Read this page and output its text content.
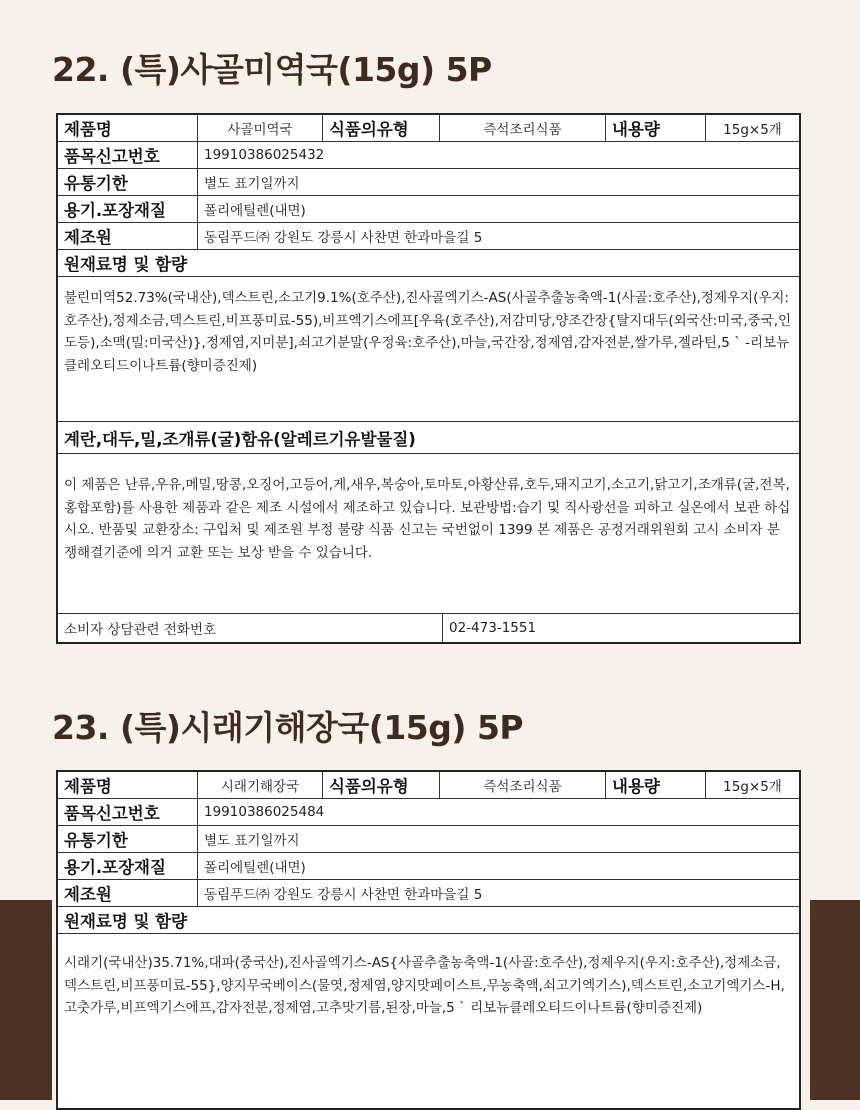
22. (특)사골미역국(15g) 5P
제품명	사골미역국	식품의유형	즉석조리식품	내용량	15g×5개
품목신고번호	19910386025432
유통기한	별도 표기일까지
용기.포장재질	폴리에틸렌(내면)
제조원	동림푸드㈜ 강원도 강릉시 사찬면 한과마을길 5
원재료명 및 함량
불린미역52.73%(국내산),덱스트린,소고기9.1%(호주산),진사골엑기스-AS(사골추출농축액-1(사골:호주산),정제우지(우지:호주산),정제소금,덱스트린,비프풍미료-55),비프엑기스에프[우육(호주산),저감미당,양조간장{탈지대두(외국산:미국,중국,인도등),소맥(밀:미국산)},정제염,지미분],쇠고기분말(우정육:호주산),마늘,국간장,정제염,감자전분,쌀가루,젤라틴,5 ` -리보뉴클레오티드이나트륨(향미증진제)
계란,대두,밀,조개류(굴)함유(알레르기유발물질)
이 제품은 난류,우유,메밀,땅콩,오징어,고등어,게,새우,복숭아,토마토,아황산류,호두,돼지고기,소고기,닭고기,조개류(굴,전복,홍합포함)를 사용한 제품과 같은 제조 시설에서 제조하고 있습니다. 보관방법:습기 및 직사광선을 피하고 실온에서 보관 하십시오. 반품및 교환장소: 구입처 및 제조원 부정 불량 식품 신고는 국번없이 1399 본 제품은 공정거래위원회 고시 소비자 분쟁해결기준에 의거 교환 또는 보상 받을 수 있습니다.
소비자 상담관련 전화번호	02-473-1551
23. (특)시래기해장국(15g) 5P
제품명	시래기해장국	식품의유형	즉석조리식품	내용량	15g×5개
품목신고번호	19910386025484
유통기한	별도 표기일까지
용기.포장재질	폴리에틸렌(내면)
제조원	동림푸드㈜ 강원도 강릉시 사찬면 한과마을길 5
원재료명 및 함량
시래기(국내산)35.71%,대파(중국산),진사골엑기스-AS{사골추출농축액-1(사골:호주산),정제우지(우지:호주산),정제소금,덱스트린,비프풍미료-55},양지무국베이스(물엿,정제염,양지맛페이스트,무농축액,쇠고기엑기스),덱스트린,소고기엑기스-H,고춧가루,비프엑기스에프,감자전분,정제염,고추맛기름,된장,마늘,5 ` 리보뉴클레오티드이나트륨(향미증진제)
